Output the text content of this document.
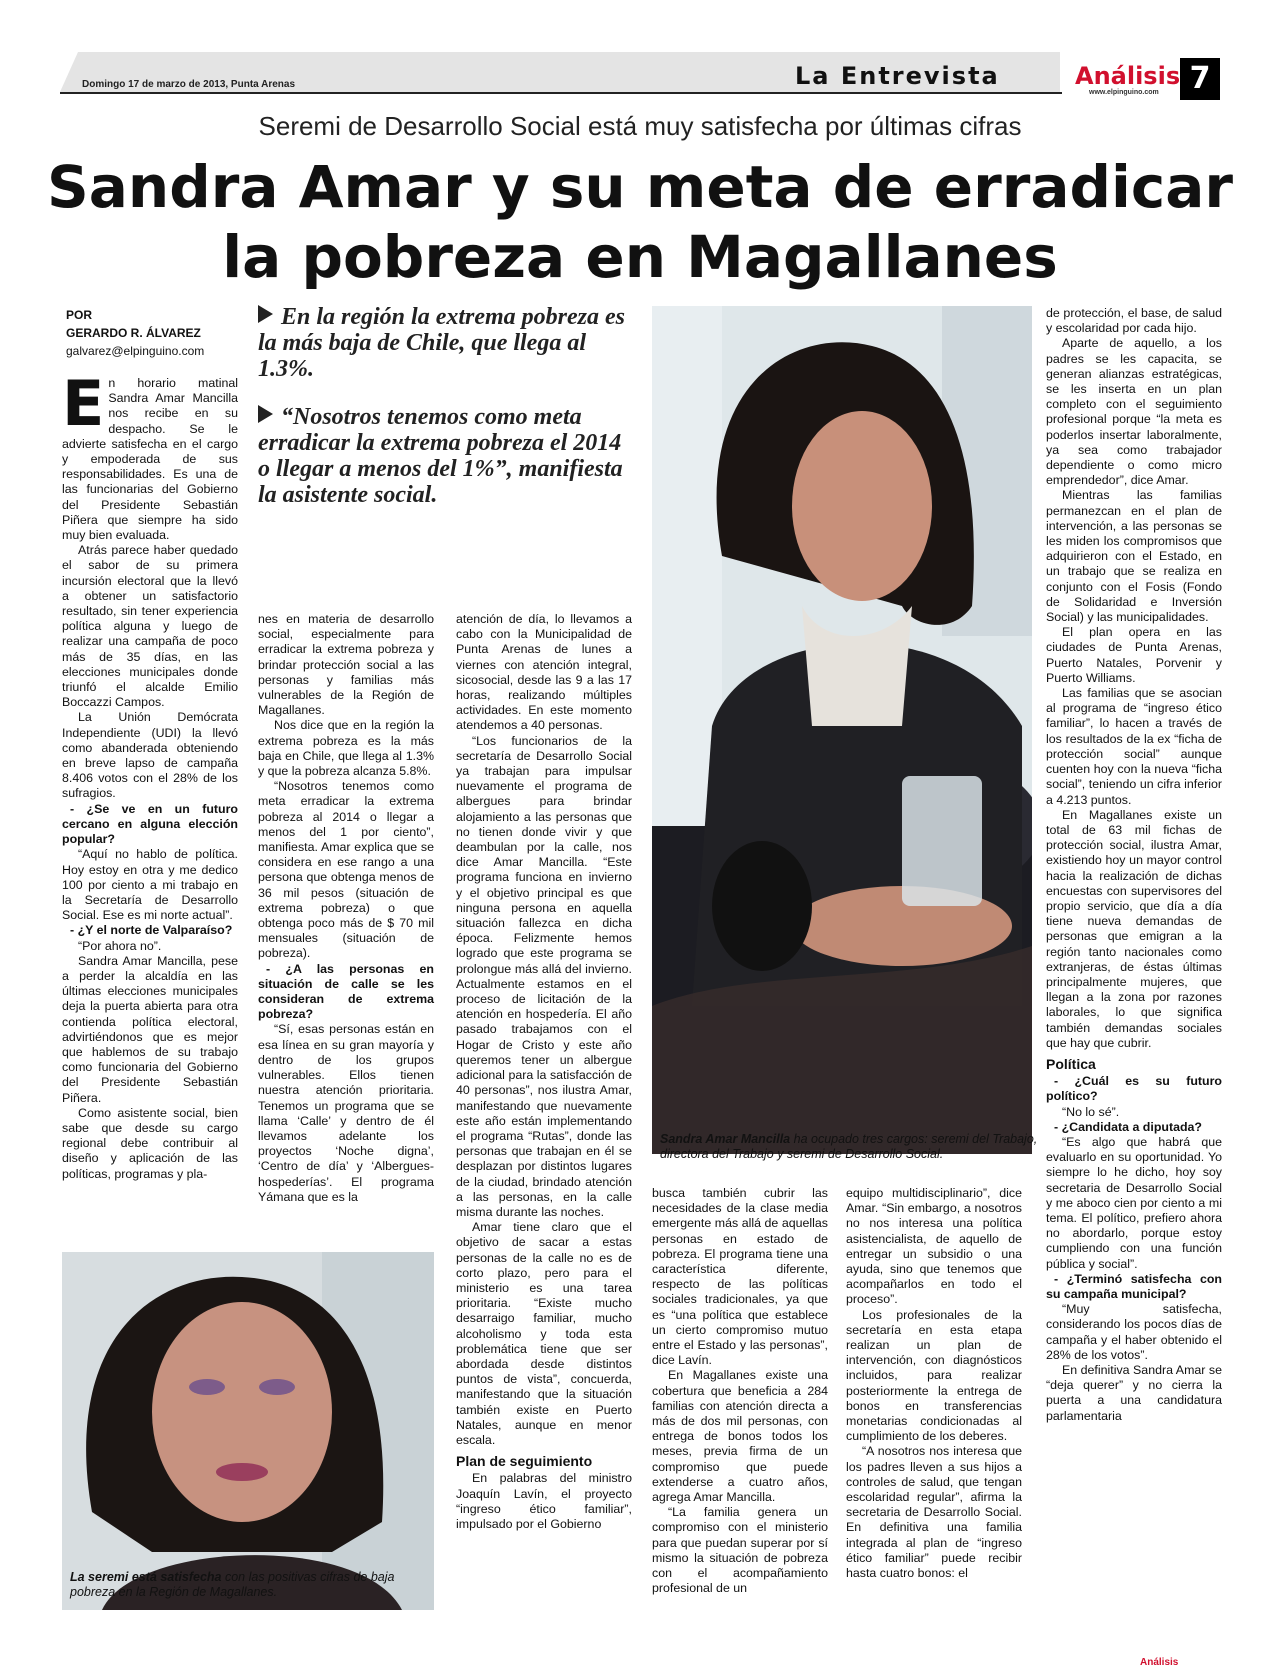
Domingo 17 de marzo de 2013, Punta Arenas	La Entrevista	Análisis
www.elpinguino.com	7
Seremi de Desarrollo Social está muy satisfecha por últimas cifras
Sandra Amar y su meta de erradicar la pobreza en Magallanes
POR
GERARDO R. ÁLVAREZ
galvarez@elpinguino.com

En la región la extrema pobreza es la más baja de Chile, que llega al 1.3%.

“Nosotros tenemos como meta erradicar la extrema pobreza el 2014 o llegar a menos del 1%”, manifiesta la asistente social.

E n horario matinal Sandra Amar Mancilla nos recibe en su despacho. Se le advierte satisfecha en el cargo y empoderada de sus responsabilidades. Es una de las funcionarias del Gobierno del Presidente Sebastián Piñera que siempre ha sido muy bien evaluada.

Atrás parece haber quedado el sabor de su primera incursión electoral que la llevó a obtener un satisfactorio resultado, sin tener experiencia política alguna y luego de realizar una campaña de poco más de 35 días, en las elecciones municipales donde triunfó el alcalde Emilio Boccazzi Campos.

La Unión Demócrata Independiente (UDI) la llevó como abanderada obteniendo en breve lapso de campaña 8.406 votos con el 28% de los sufragios.

- ¿Se ve en un futuro cercano en alguna elección popular?

“Aquí no hablo de política. Hoy estoy en otra y me dedico 100 por ciento a mi trabajo en la Secretaría de Desarrollo Social. Ese es mi norte actual”.

- ¿Y el norte de Valparaíso?

“Por ahora no”.

Sandra Amar Mancilla, pese a perder la alcaldía en las últimas elecciones municipales deja la puerta abierta para otra contienda política electoral, advirtiéndonos que es mejor que hablemos de su trabajo como funcionaria del Gobierno del Presidente Sebastián Piñera.

Como asistente social, bien sabe que desde su cargo regional debe contribuir al diseño y aplicación de las políticas, programas y pla-

nes en materia de desarrollo social, especialmente para erradicar la extrema pobreza y brindar protección social a las personas y familias más vulnerables de la Región de Magallanes.

Nos dice que en la región la extrema pobreza es la más baja en Chile, que llega al 1.3% y que la pobreza alcanza 5.8%.

“Nosotros tenemos como meta erradicar la extrema pobreza al 2014 o llegar a menos del 1 por ciento”, manifiesta. Amar explica que se considera en ese rango a una persona que obtenga menos de 36 mil pesos (situación de extrema pobreza) o que obtenga poco más de $ 70 mil mensuales (situación de pobreza).

- ¿A las personas en situación de calle se les consideran de extrema pobreza?

“Sí, esas personas están en esa línea en su gran mayoría y dentro de los grupos vulnerables. Ellos tienen nuestra atención prioritaria. Tenemos un programa que se llama ‘Calle’ y dentro de él llevamos adelante los proyectos ‘Noche digna’, ‘Centro de día’ y ‘Albergues-hospederías’. El programa Yámana que es la

atención de día, lo llevamos a cabo con la Municipalidad de Punta Arenas de lunes a viernes con atención integral, sicosocial, desde las 9 a las 17 horas, realizando múltiples actividades. En este momento atendemos a 40 personas.

“Los funcionarios de la secretaría de Desarrollo Social ya trabajan para impulsar nuevamente el programa de albergues para brindar alojamiento a las personas que no tienen donde vivir y que deambulan por la calle, nos dice Amar Mancilla. “Este programa funciona en invierno y el objetivo principal es que ninguna persona en aquella situación fallezca en dicha época. Felizmente hemos logrado que este programa se prolongue más allá del invierno. Actualmente estamos en el proceso de licitación de la atención en hospedería. El año pasado trabajamos con el Hogar de Cristo y este año queremos tener un albergue adicional para la satisfacción de 40 personas”, nos ilustra Amar, manifestando que nuevamente este año están implementando el programa “Rutas”, donde las personas que trabajan en él se desplazan por distintos lugares de la ciudad, brindado atención a las personas, en la calle misma durante las noches.

Amar tiene claro que el objetivo de sacar a estas personas de la calle no es de corto plazo, pero para el ministerio es una tarea prioritaria. “Existe mucho desarraigo familiar, mucho alcoholismo y toda esta problemática tiene que ser abordada desde distintos puntos de vista”, concuerda, manifestando que la situación también existe en Puerto Natales, aunque en menor escala.

Plan de seguimiento

En palabras del ministro Joaquín Lavín, el proyecto “ingreso ético familiar”, impulsado por el Gobierno

busca también cubrir las necesidades de la clase media emergente más allá de aquellas personas en estado de pobreza. El programa tiene una característica diferente, respecto de las políticas sociales tradicionales, ya que es “una política que establece un cierto compromiso mutuo entre el Estado y las personas”, dice Lavín.

En Magallanes existe una cobertura que beneficia a 284 familias con atención directa a más de dos mil personas, con entrega de bonos todos los meses, previa firma de un compromiso que puede extenderse a cuatro años, agrega Amar Mancilla.

“La familia genera un compromiso con el ministerio para que puedan superar por sí mismo la situación de pobreza con el acompañamiento profesional de un

equipo multidisciplinario”, dice Amar. “Sin embargo, a nosotros no nos interesa una política asistencialista, de aquello de entregar un subsidio o una ayuda, sino que tenemos que acompañarlos en todo el proceso”.

Los profesionales de la secretaría en esta etapa realizan un plan de intervención, con diagnósticos incluidos, para realizar posteriormente la entrega de bonos en transferencias monetarias condicionadas al cumplimiento de los deberes.

“A nosotros nos interesa que los padres lleven a sus hijos a controles de salud, que tengan escolaridad regular”, afirma la secretaria de Desarrollo Social. En definitiva una familia integrada al plan de “ingreso ético familiar” puede recibir hasta cuatro bonos: el

de protección, el base, de salud y escolaridad por cada hijo.

Aparte de aquello, a los padres se les capacita, se generan alianzas estratégicas, se les inserta en un plan completo con el seguimiento profesional porque “la meta es poderlos insertar laboralmente, ya sea como trabajador dependiente o como micro emprendedor”, dice Amar.

Mientras las familias permanezcan en el plan de intervención, a las personas se les miden los compromisos que adquirieron con el Estado, en un trabajo que se realiza en conjunto con el Fosis (Fondo de Solidaridad e Inversión Social) y las municipalidades.

El plan opera en las ciudades de Punta Arenas, Puerto Natales, Porvenir y Puerto Williams.

Las familias que se asocian al programa de “ingreso ético familiar”, lo hacen a través de los resultados de la ex “ficha de protección social” aunque cuenten hoy con la nueva “ficha social”, teniendo un cifra inferior a 4.213 puntos.

En Magallanes existe un total de 63 mil fichas de protección social, ilustra Amar, existiendo hoy un mayor control hacia la realización de dichas encuestas con supervisores del propio servicio, que día a día tiene nueva demandas de personas que emigran a la región tanto nacionales como extranjeras, de éstas últimas principalmente mujeres, que llegan a la zona por razones laborales, lo que significa también demandas sociales que hay que cubrir.

Política

- ¿Cuál es su futuro político?

“No lo sé”.

- ¿Candidata a diputada?

“Es algo que habrá que evaluarlo en su oportunidad. Yo siempre lo he dicho, hoy soy secretaria de Desarrollo Social y me aboco cien por ciento a mi tema. El político, prefiero ahora no abordarlo, porque estoy cumpliendo con una función pública y social”.

- ¿Terminó satisfecha con su campaña municipal?

“Muy satisfecha, considerando los pocos días de campaña y el haber obtenido el 28% de los votos”.

En definitiva Sandra Amar se “deja querer” y no cierra la puerta a una candidatura parlamentaria

Sandra Amar Mancilla ha ocupado tres cargos: seremi del Trabajo, directora del Trabajo y seremi de Desarrollo Social.
La seremi está satisfecha con las positivas cifras de baja pobreza en la Región de Magallanes.
Análisis
